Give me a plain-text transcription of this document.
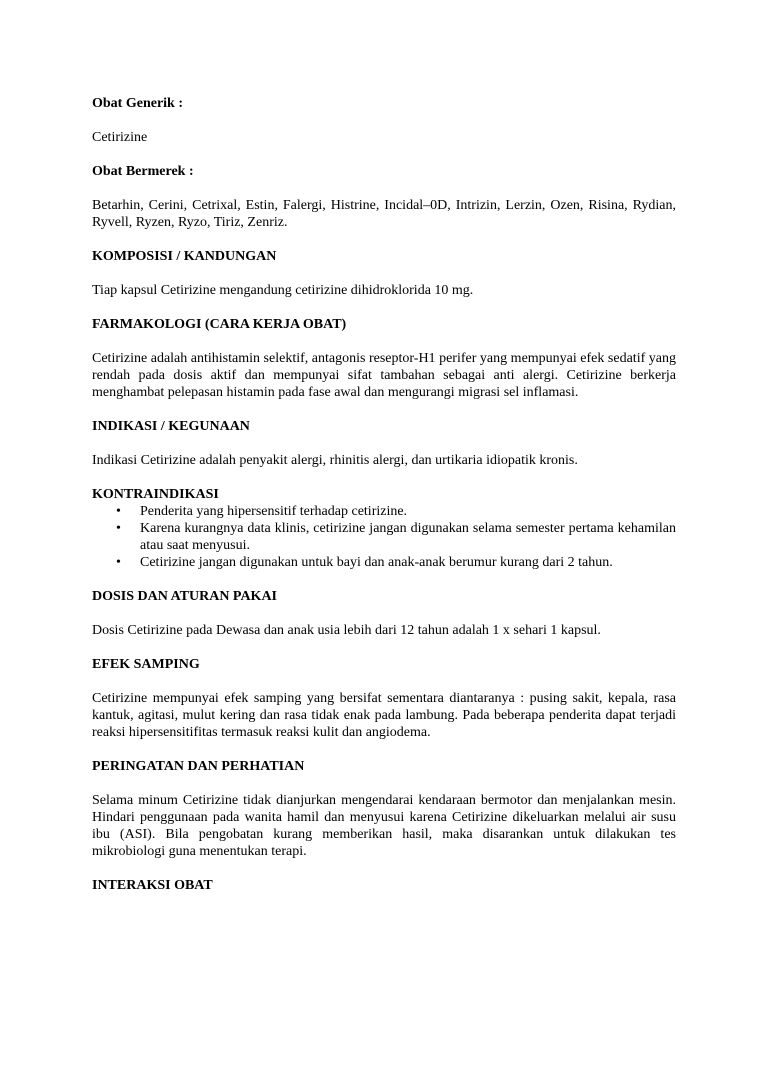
Obat Generik :

Cetirizine

Obat Bermerek :

Betarhin, Cerini, Cetrixal, Estin, Falergi, Histrine, Incidal–0D, Intrizin, Lerzin, Ozen, Risina, Rydian, Ryvell, Ryzen, Ryzo, Tiriz, Zenriz.

KOMPOSISI / KANDUNGAN

Tiap kapsul Cetirizine mengandung cetirizine dihidroklorida 10 mg.

FARMAKOLOGI (CARA KERJA OBAT)

Cetirizine adalah antihistamin selektif, antagonis reseptor-H1 perifer yang mempunyai efek sedatif yang rendah pada dosis aktif dan mempunyai sifat tambahan sebagai anti alergi. Cetirizine berkerja menghambat pelepasan histamin pada fase awal dan mengurangi migrasi sel inflamasi.

INDIKASI / KEGUNAAN

Indikasi Cetirizine adalah penyakit alergi, rhinitis alergi, dan urtikaria idiopatik kronis.

KONTRAINDIKASI

• Penderita yang hipersensitif terhadap cetirizine.
• Karena kurangnya data klinis, cetirizine jangan digunakan selama semester pertama kehamilan atau saat menyusui.
• Cetirizine jangan digunakan untuk bayi dan anak-anak berumur kurang dari 2 tahun.

DOSIS DAN ATURAN PAKAI

Dosis Cetirizine pada Dewasa dan anak usia lebih dari 12 tahun adalah 1 x sehari 1 kapsul.

EFEK SAMPING

Cetirizine mempunyai efek samping yang bersifat sementara diantaranya : pusing sakit, kepala, rasa kantuk, agitasi, mulut kering dan rasa tidak enak pada lambung. Pada beberapa penderita dapat terjadi reaksi hipersensitifitas termasuk reaksi kulit dan angiodema.

PERINGATAN DAN PERHATIAN

Selama minum Cetirizine tidak dianjurkan mengendarai kendaraan bermotor dan menjalankan mesin. Hindari penggunaan pada wanita hamil dan menyusui karena Cetirizine dikeluarkan melalui air susu ibu (ASI). Bila pengobatan kurang memberikan hasil, maka disarankan untuk dilakukan tes mikrobiologi guna menentukan terapi.

INTERAKSI OBAT
